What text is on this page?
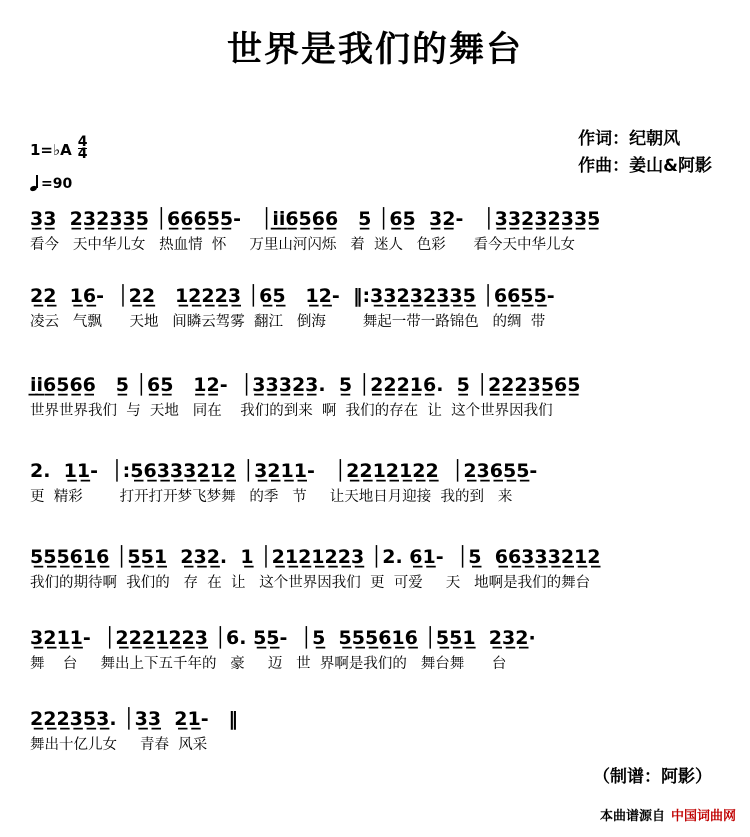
世界是我们的舞台
作词：纪朝风
作曲：姜山&阿影
1=♭A $\frac{4}{4}$
=90
3̲3̲  2̲3̲2̲3̲3̲5̲ │6̲6̲6̲5̲5̲-   │i̲i̲6̲5̲6̲6̲   5̲ │6̲5̲  3̲2̲-   │3̲3̲2̲3̲2̲3̲3̲5̲
看今   天中华儿女   热血情  怀     万里山河闪烁   着  迷人   色彩      看今天中华儿女
2̲2̲  1̲6̲-  │2̲2̲   1̲2̲2̲2̲3̲ │6̲5̲   1̲2̲-  ‖:3̲3̲2̲3̲2̲3̲3̲5̲ │6̲6̲5̲5̲-
凌云   气飘      天地   间瞵云驾雾  翻江   倒海        舞起一带一路锦色   的绸  带
i̲i̲6̲5̲6̲6̲   5̲ │6̲5̲   1̲2̲-  │3̲3̲3̲2̲3̲.  5̲ │2̲2̲2̲1̲6̲.  5̲ │2̲2̲2̲3̲5̲6̲5̲
世界世界我们  与  天地   同在    我们的到来  啊  我们的存在  让  这个世界因我们
2.  1̲1̲-  │:5̲6̲3̲3̲3̲2̲1̲2̲ │3̲2̲1̲1̲-   │2̲2̲1̲2̲1̲2̲2̲  │2̲3̲6̲5̲5̲-
更  精彩        打开打开梦飞梦舞   的季   节     让天地日月迎接  我的到   来
5̲5̲5̲6̲1̲6̲ │5̲5̲1̲  2̲3̲2̲.  1̲ │2̲1̲2̲1̲2̲2̲3̲ │2. 6̲1̲-  │5̲  6̲6̲3̲3̲3̲2̲1̲2̲
我们的期待啊  我们的   存  在  让   这个世界因我们  更  可爱     天   地啊是我们的舞台
3̲2̲1̲1̲-  │2̲2̲2̲1̲2̲2̲3̲ │6. 5̲5̲-  │5̲  5̲5̲5̲6̲1̲6̲ │5̲5̲1̲  2̲3̲2̲·
舞    台     舞出上下五千年的   豪     迈   世  界啊是我们的   舞台舞      台
2̲2̲2̲3̲5̲3̲. │3̲3̲  2̲1̲-   ‖
舞出十亿儿女     青春  风采
（制谱：阿影）
本曲谱源自 中国词曲网
